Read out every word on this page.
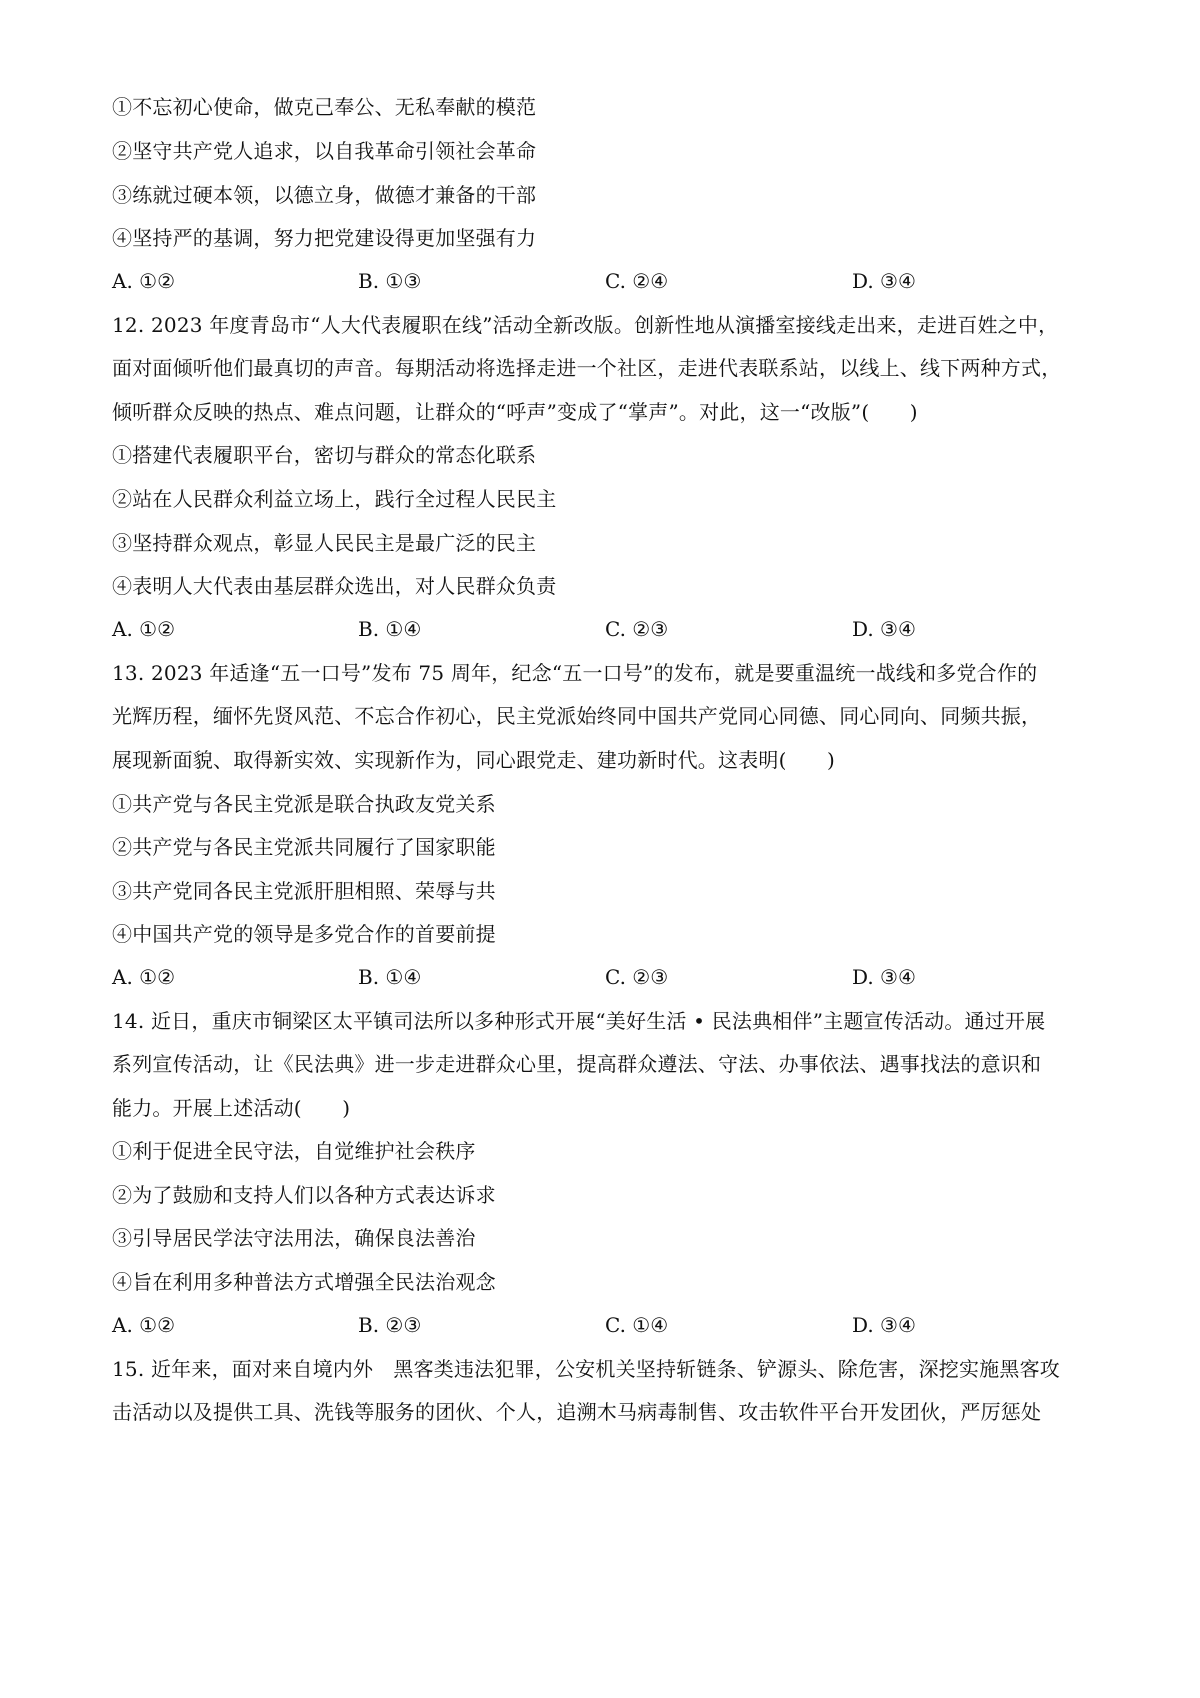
①不忘初心使命，做克己奉公、无私奉献的模范
②坚守共产党人追求，以自我革命引领社会革命
③练就过硬本领，以德立身，做德才兼备的干部
④坚持严的基调，努力把党建设得更加坚强有力
A. ①②	B. ①③	C. ②④	D. ③④
12. 2023 年度青岛市“人大代表履职在线”活动全新改版。创新性地从演播室接线走出来，走进百姓之中，
面对面倾听他们最真切的声音。每期活动将选择走进一个社区，走进代表联系站，以线上、线下两种方式，
倾听群众反映的热点、难点问题，让群众的“呼声”变成了“掌声”。对此，这一“改版”(　　)
①搭建代表履职平台，密切与群众的常态化联系
②站在人民群众利益立场上，践行全过程人民民主
③坚持群众观点，彰显人民民主是最广泛的民主
④表明人大代表由基层群众选出，对人民群众负责
A. ①②	B. ①④	C. ②③	D. ③④
13. 2023 年适逢“五一口号”发布 75 周年，纪念“五一口号”的发布，就是要重温统一战线和多党合作的
光辉历程，缅怀先贤风范、不忘合作初心，民主党派始终同中国共产党同心同德、同心同向、同频共振，
展现新面貌、取得新实效、实现新作为，同心跟党走、建功新时代。这表明(　　)
①共产党与各民主党派是联合执政友党关系
②共产党与各民主党派共同履行了国家职能
③共产党同各民主党派肝胆相照、荣辱与共
④中国共产党的领导是多党合作的首要前提
A. ①②	B. ①④	C. ②③	D. ③④
14. 近日，重庆市铜梁区太平镇司法所以多种形式开展“美好生活 • 民法典相伴”主题宣传活动。通过开展
系列宣传活动，让《民法典》进一步走进群众心里，提高群众遵法、守法、办事依法、遇事找法的意识和
能力。开展上述活动(　　)
①利于促进全民守法，自觉维护社会秩序
②为了鼓励和支持人们以各种方式表达诉求
③引导居民学法守法用法，确保良法善治
④旨在利用多种普法方式增强全民法治观念
A. ①②	B. ②③	C. ①④	D. ③④
15. 近年来，面对来自境内外　黑客类违法犯罪，公安机关坚持斩链条、铲源头、除危害，深挖实施黑客攻
击活动以及提供工具、洗钱等服务的团伙、个人，追溯木马病毒制售、攻击软件平台开发团伙，严厉惩处
